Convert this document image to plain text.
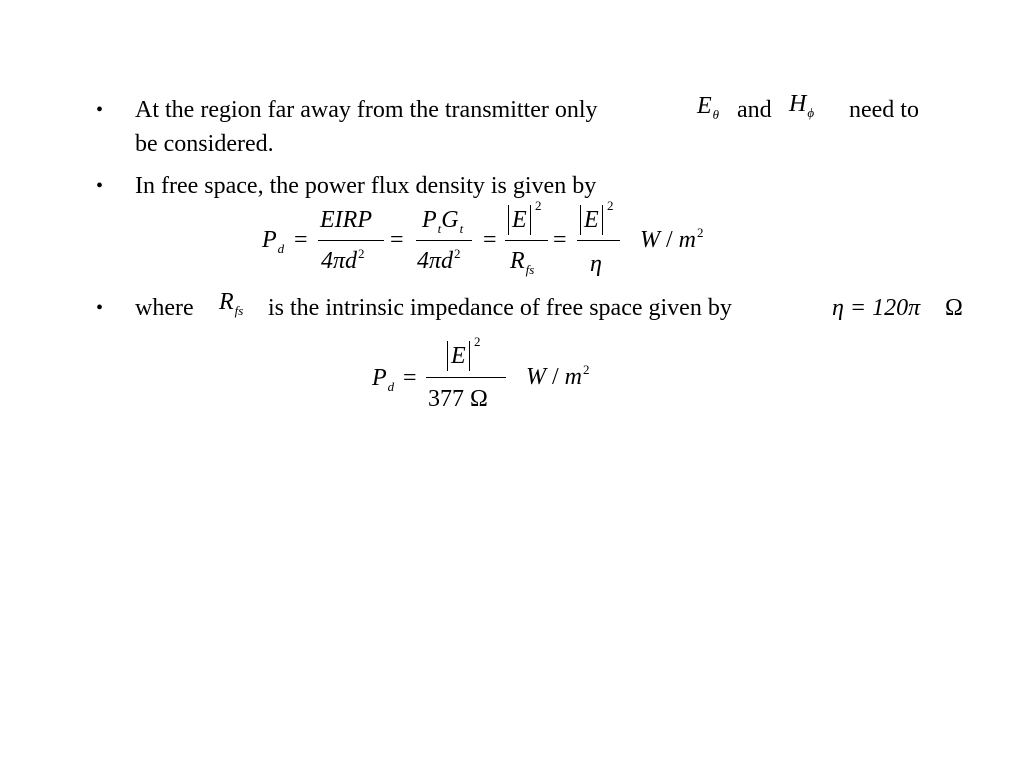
• At the region far away from the transmitter only	$E_\theta$ and $H_\phi$ need to
be considered.
• In free space, the power flux density is given by
$P_d$ =
EIRP
$4\pi d^2$
=
$P_tG_t$
$4\pi d^2$
=
E
2
$R_{fs}$
=
E
2
η
W / $m^2$
• where $R_{fs}$ is the intrinsic impedance of free space given by	η = 120π Ω
$P_d$ =
E
2
377 Ω
W / $m^2$
